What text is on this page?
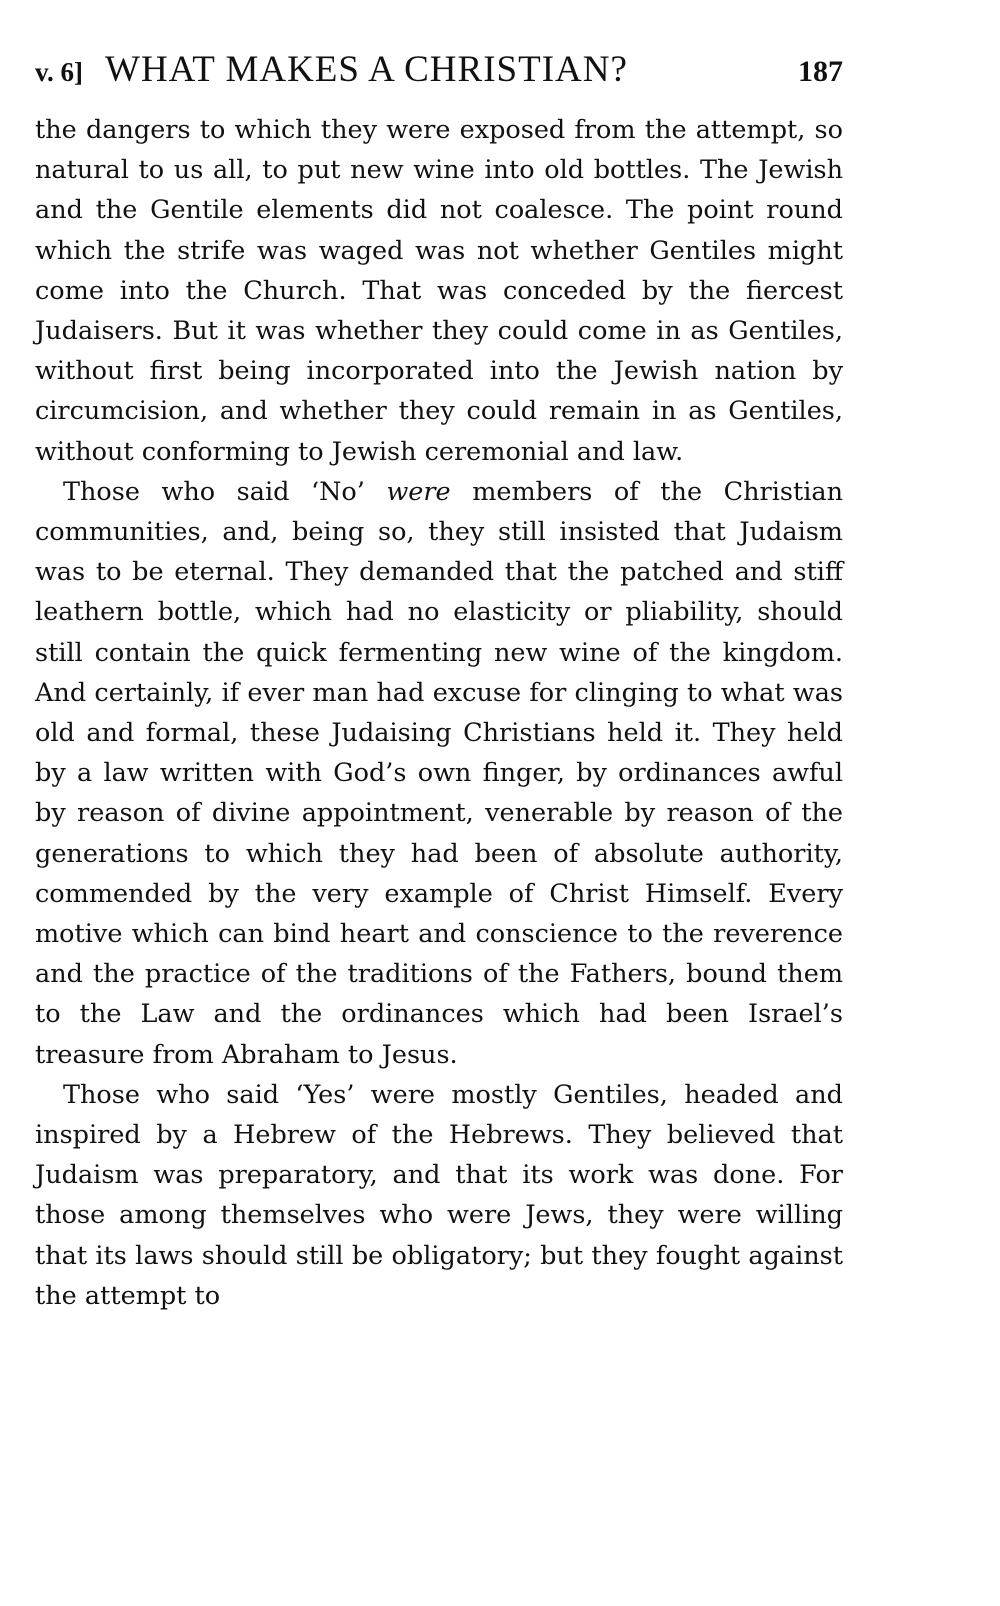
v. 6] WHAT MAKES A CHRISTIAN?	187

the dangers to which they were exposed from the attempt, so natural to us all, to put new wine into old bottles. The Jewish and the Gentile elements did not coalesce. The point round which the strife was waged was not whether Gentiles might come into the Church. That was conceded by the fiercest Judaisers. But it was whether they could come in as Gentiles, without first being incorporated into the Jewish nation by circumcision, and whether they could remain in as Gentiles, without conforming to Jewish ceremonial and law.

Those who said ‘No’ were members of the Christian communities, and, being so, they still insisted that Judaism was to be eternal. They demanded that the patched and stiff leathern bottle, which had no elasticity or pliability, should still contain the quick fermenting new wine of the kingdom. And certainly, if ever man had excuse for clinging to what was old and formal, these Judaising Christians held it. They held by a law written with God’s own finger, by ordinances awful by reason of divine appointment, venerable by reason of the generations to which they had been of absolute authority, commended by the very example of Christ Himself. Every motive which can bind heart and conscience to the reverence and the practice of the traditions of the Fathers, bound them to the Law and the ordinances which had been Israel’s treasure from Abraham to Jesus.

Those who said ‘Yes’ were mostly Gentiles, headed and inspired by a Hebrew of the Hebrews. They believed that Judaism was preparatory, and that its work was done. For those among themselves who were Jews, they were willing that its laws should still be obligatory; but they fought against the attempt to
